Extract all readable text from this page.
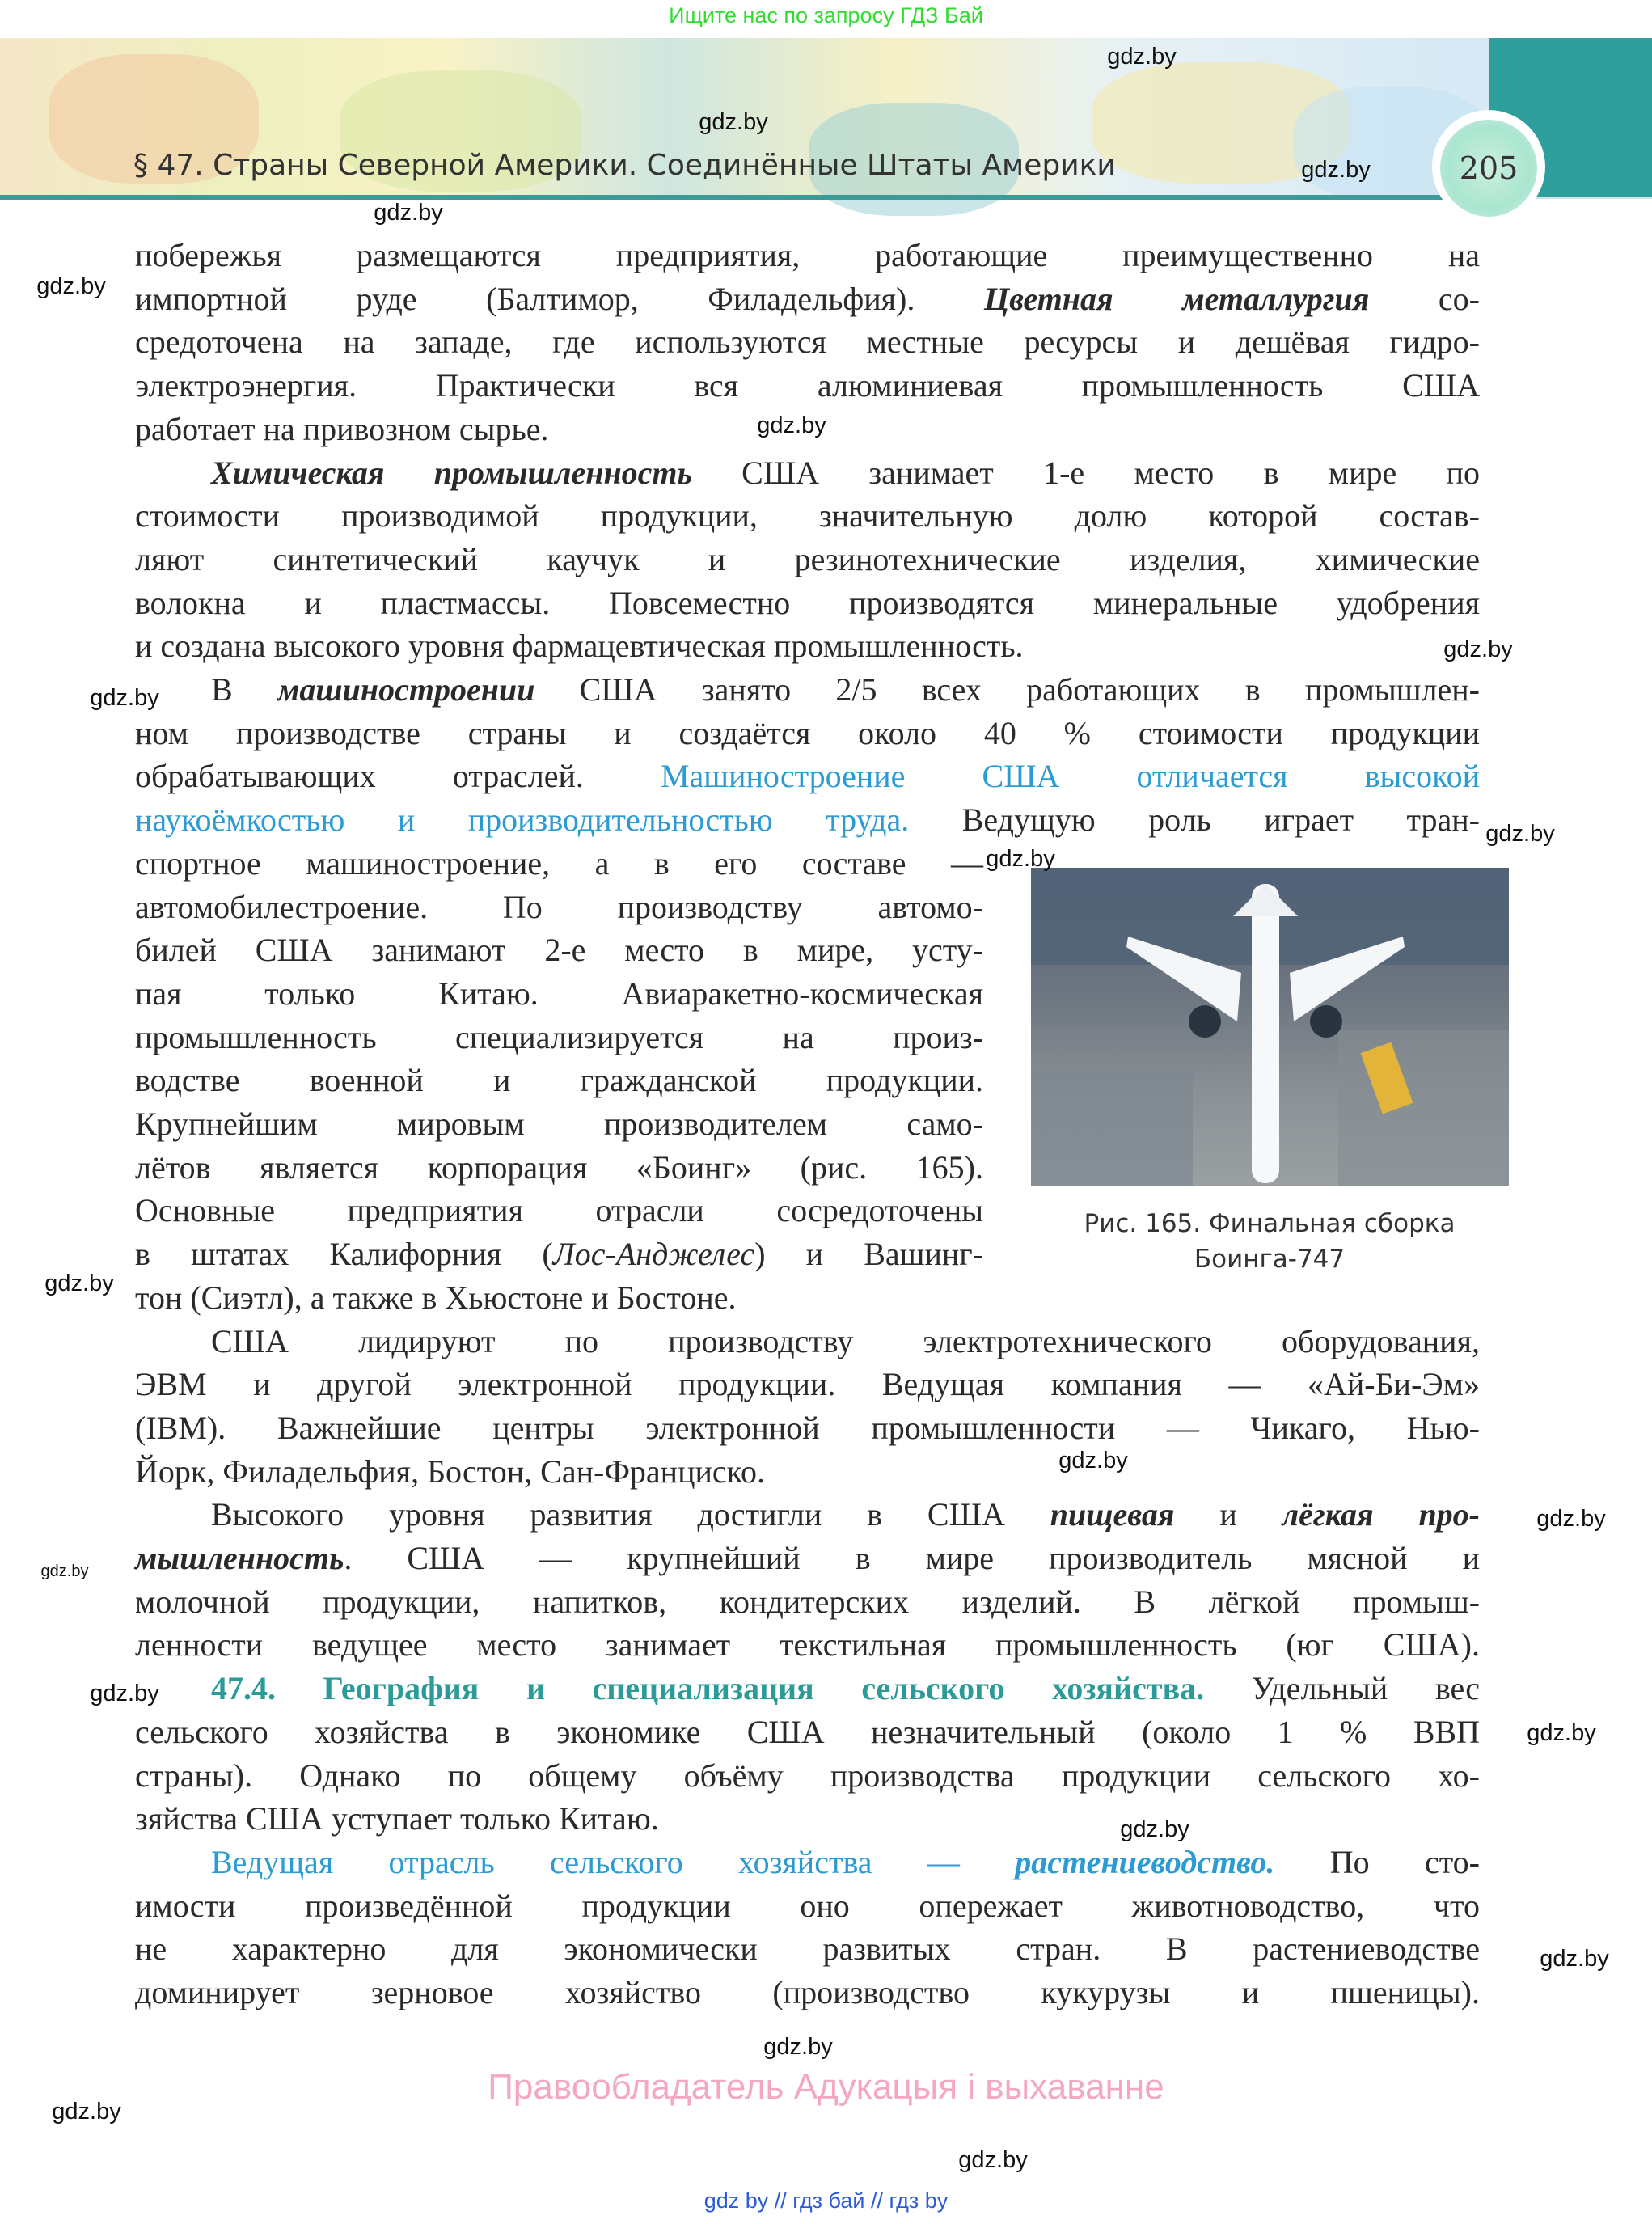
Ищите нас по запросу ГДЗ Бай
§ 47. Страны Северной Америки. Соединённые Штаты Америки	205
побережья размещаются предприятия, работающие преимущественно на
импортной руде (Балтимор, Филадельфия). Цветная металлургия со-
средоточена на западе, где используются местные ресурсы и дешёвая гидро-
электроэнергия. Практически вся алюминиевая промышленность США
работает на привозном сырье.
Химическая промышленность США занимает 1-е место в мире по
стоимости производимой продукции, значительную долю которой состав-
ляют синтетический каучук и резинотехнические изделия, химические
волокна и пластмассы. Повсеместно производятся минеральные удобрения
и создана высокого уровня фармацевтическая промышленность.
В машиностроении США занято 2/5 всех работающих в промышлен-
ном производстве страны и создаётся около 40 % стоимости продукции
обрабатывающих отраслей. Машиностроение США отличается высокой
наукоёмкостью и производительностью труда. Ведущую роль играет тран-
спортное машиностроение, а в его составе —
автомобилестроение. По производству автомо-
билей США занимают 2-е место в мире, усту-
пая только Китаю. Авиаракетно-космическая
промышленность специализируется на произ-
водстве военной и гражданской продукции.
Крупнейшим мировым производителем само-
лётов является корпорация «Боинг» (рис. 165).
Основные предприятия отрасли сосредоточены
в штатах Калифорния (Лос-Анджелес) и Вашинг-
тон (Сиэтл), а также в Хьюстоне и Бостоне.
США лидируют по производству электротехнического оборудования,
ЭВМ и другой электронной продукции. Ведущая компания — «Ай-Би-Эм»
(IBM). Важнейшие центры электронной промышленности — Чикаго, Нью-
Йорк, Филадельфия, Бостон, Сан-Франциско.
Высокого уровня развития достигли в США пищевая и лёгкая про-
мышленность. США — крупнейший в мире производитель мясной и
молочной продукции, напитков, кондитерских изделий. В лёгкой промыш-
ленности ведущее место занимает текстильная промышленность (юг США).
47.4. География и специализация сельского хозяйства. Удельный вес
сельского хозяйства в экономике США незначительный (около 1 % ВВП
страны). Однако по общему объёму производства продукции сельского хо-
зяйства США уступает только Китаю.
Ведущая отрасль сельского хозяйства — растениеводство. По сто-
имости произведённой продукции оно опережает животноводство, что
не характерно для экономически развитых стран. В растениеводстве
доминирует зерновое хозяйство (производство кукурузы и пшеницы).
Рис. 165. Финальная сборка
Боинга-747
gdz.by
gdz.by
gdz.by
gdz.by
gdz.by
gdz.by
gdz.by
gdz.by
gdz.by
gdz.by
gdz.by
gdz.by
gdz.by
gdz.by
gdz.by
gdz.by
gdz.by
gdz.by
gdz.by
gdz.by
gdz.by
Правообладатель Адукацыя і выхаванне
gdz by // гдз бай // гдз by
